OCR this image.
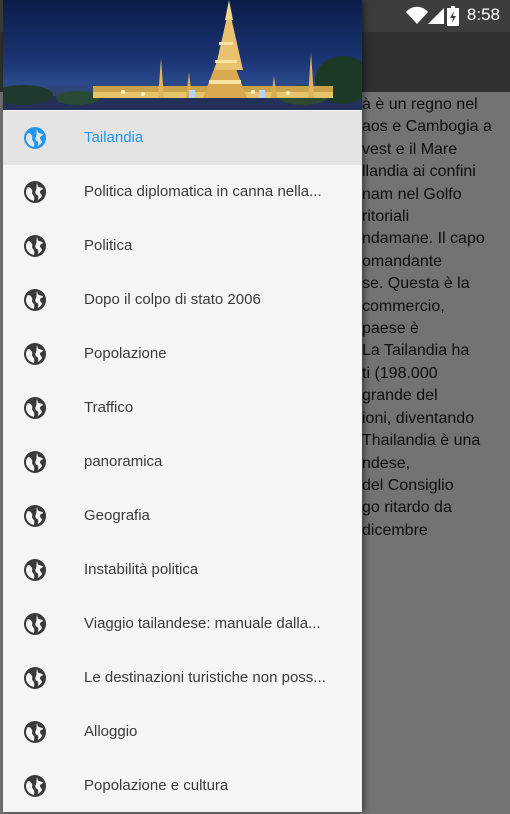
8:58
Tailandia
Politica diplomatica in canna nella...
Politica
Dopo il colpo di stato 2006
Popolazione
Traffico
panoramica
Geografia
Instabilità politica
Viaggio tailandese: manuale dalla...
Le destinazioni turistiche non poss...
Alloggio
Popolazione e cultura
